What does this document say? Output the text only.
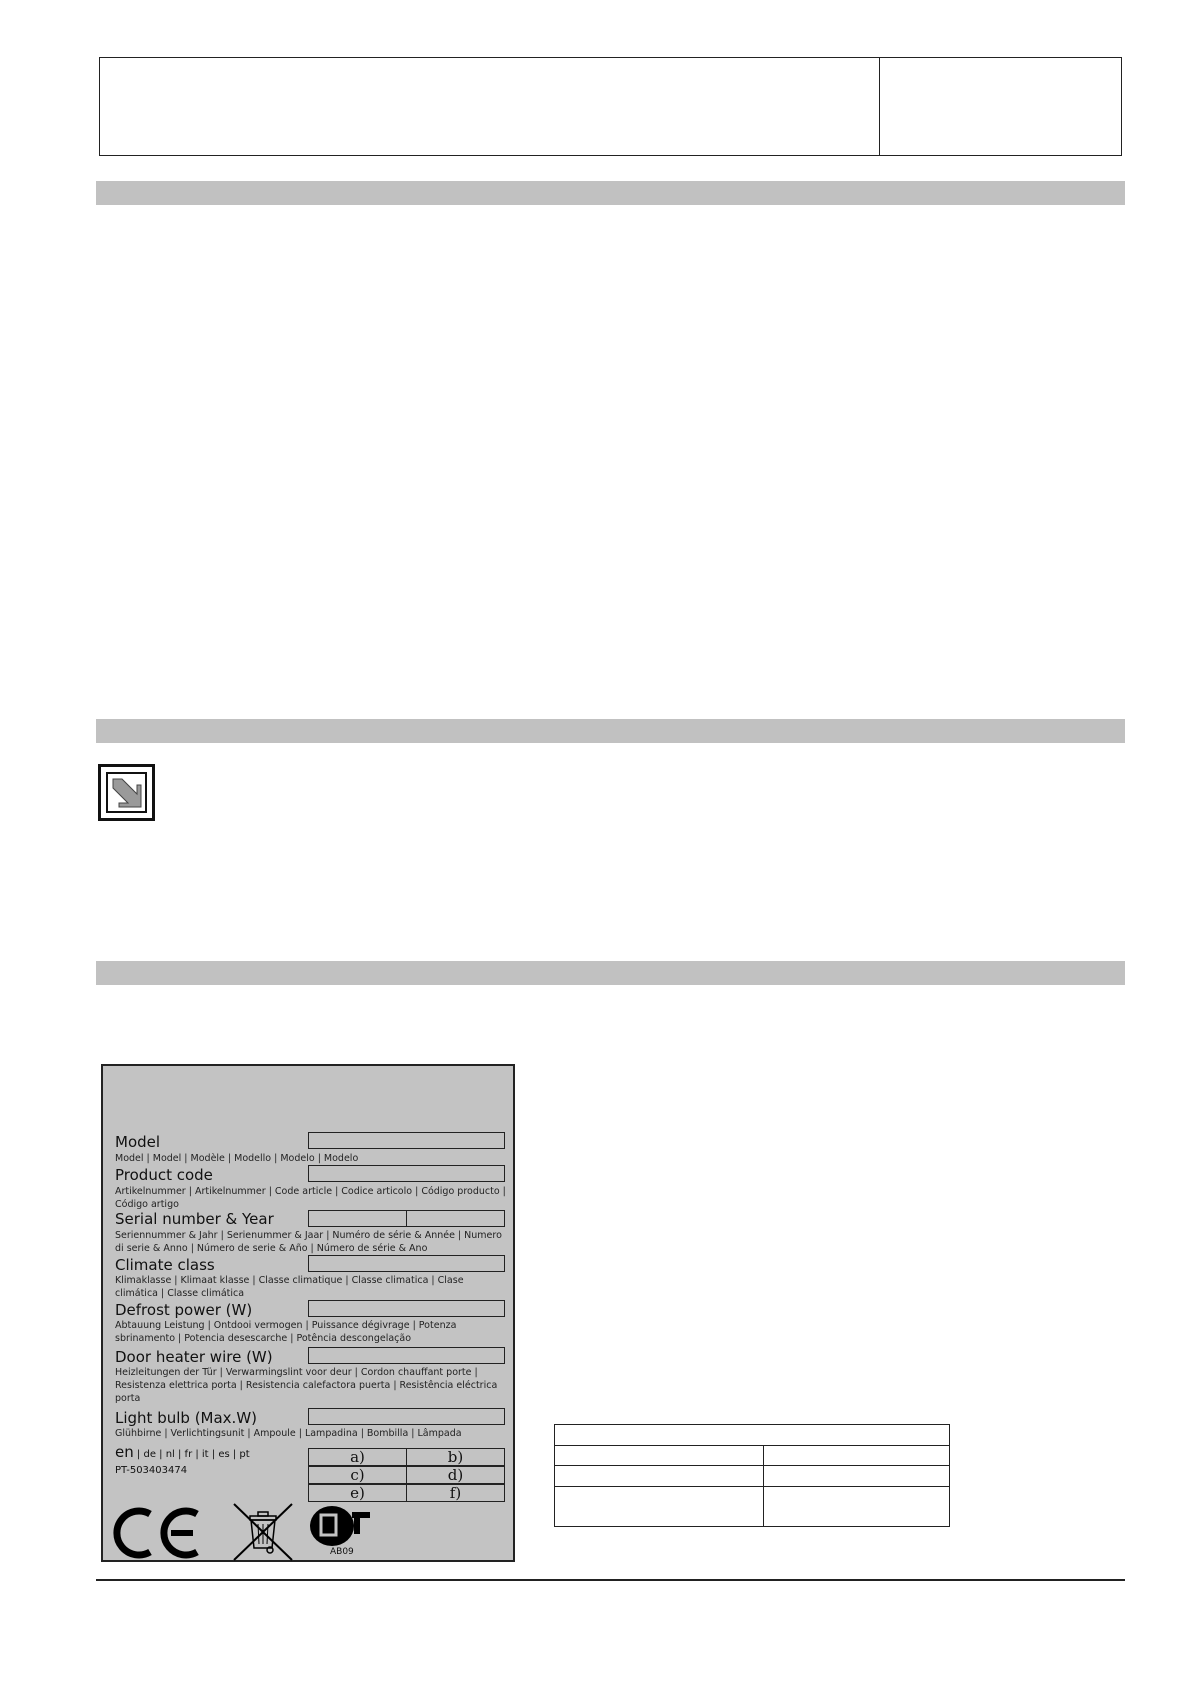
Model
Model | Model | Modèle | Modello | Modelo | Modelo
Product code
Artikelnummer | Artikelnummer | Code article | Codice articolo | Código producto | Código artigo
Serial number & Year
Seriennummer & Jahr | Serienummer & Jaar | Numéro de série & Année | Numero di serie & Anno | Número de serie & Año | Número de série & Ano
Climate class
Klimaklasse | Klimaat klasse | Classe climatique | Classe climatica | Clase climática | Classe climática
Defrost power (W)
Abtauung Leistung | Ontdooi vermogen | Puissance dégivrage | Potenza sbrinamento | Potencia desescarche | Potência descongelação
Door heater wire (W)
Heizleitungen der Tür | Verwarmingslint voor deur | Cordon chauffant porte | Resistenza elettrica porta | Resistencia calefactora puerta | Resistência eléctrica porta
Light bulb (Max.W)
Glühbirne | Verlichtingsunit | Ampoule | Lampadina | Bombilla | Lâmpada
en | de | nl | fr | it | es | pt
PT-503403474
a)	b)
c)	d)
e)	f)
AB09
